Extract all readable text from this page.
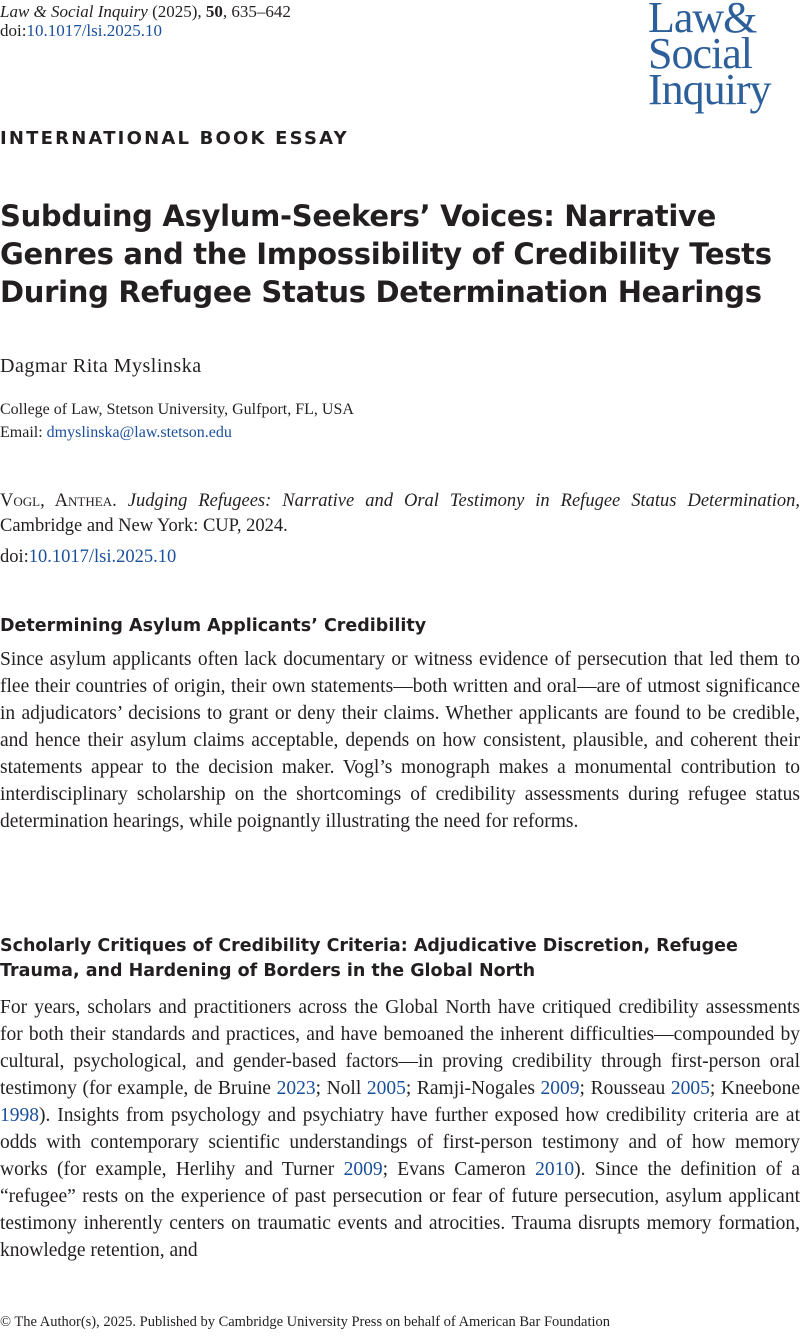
Law & Social Inquiry (2025), 50, 635–642
doi:10.1017/lsi.2025.10	Law&
Social
Inquiry
INTERNATIONAL BOOK ESSAY
Subduing Asylum-Seekers’ Voices: Narrative Genres and the Impossibility of Credibility Tests During Refugee Status Determination Hearings
Dagmar Rita Myslinska
College of Law, Stetson University, Gulfport, FL, USA
Email: dmyslinska@law.stetson.edu

Vogl, Anthea. Judging Refugees: Narrative and Oral Testimony in Refugee Status Determination, Cambridge and New York: CUP, 2024.

doi:10.1017/lsi.2025.10
Determining Asylum Applicants’ Credibility

Since asylum applicants often lack documentary or witness evidence of persecution that led them to flee their countries of origin, their own statements—both written and oral—are of utmost significance in adjudicators’ decisions to grant or deny their claims. Whether applicants are found to be credible, and hence their asylum claims acceptable, depends on how consistent, plausible, and coherent their statements appear to the decision maker. Vogl’s monograph makes a monumental contribution to interdisciplinary scholarship on the shortcomings of credibility assessments during refugee status determination hearings, while poignantly illustrating the need for reforms.

Scholarly Critiques of Credibility Criteria: Adjudicative Discretion, Refugee Trauma, and Hardening of Borders in the Global North

For years, scholars and practitioners across the Global North have critiqued credibility assessments for both their standards and practices, and have bemoaned the inherent difficulties—compounded by cultural, psychological, and gender-based factors—in proving credibility through first-person oral testimony (for example, de Bruine 2023; Noll 2005; Ramji-Nogales 2009; Rousseau 2005; Kneebone 1998). Insights from psychology and psychiatry have further exposed how credibility criteria are at odds with contemporary scientific understandings of first-person testimony and of how memory works (for example, Herlihy and Turner 2009; Evans Cameron 2010). Since the definition of a “refugee” rests on the experience of past persecution or fear of future persecution, asylum applicant testimony inherently centers on traumatic events and atrocities. Trauma disrupts memory formation, knowledge retention, and

© The Author(s), 2025. Published by Cambridge University Press on behalf of American Bar Foundation
